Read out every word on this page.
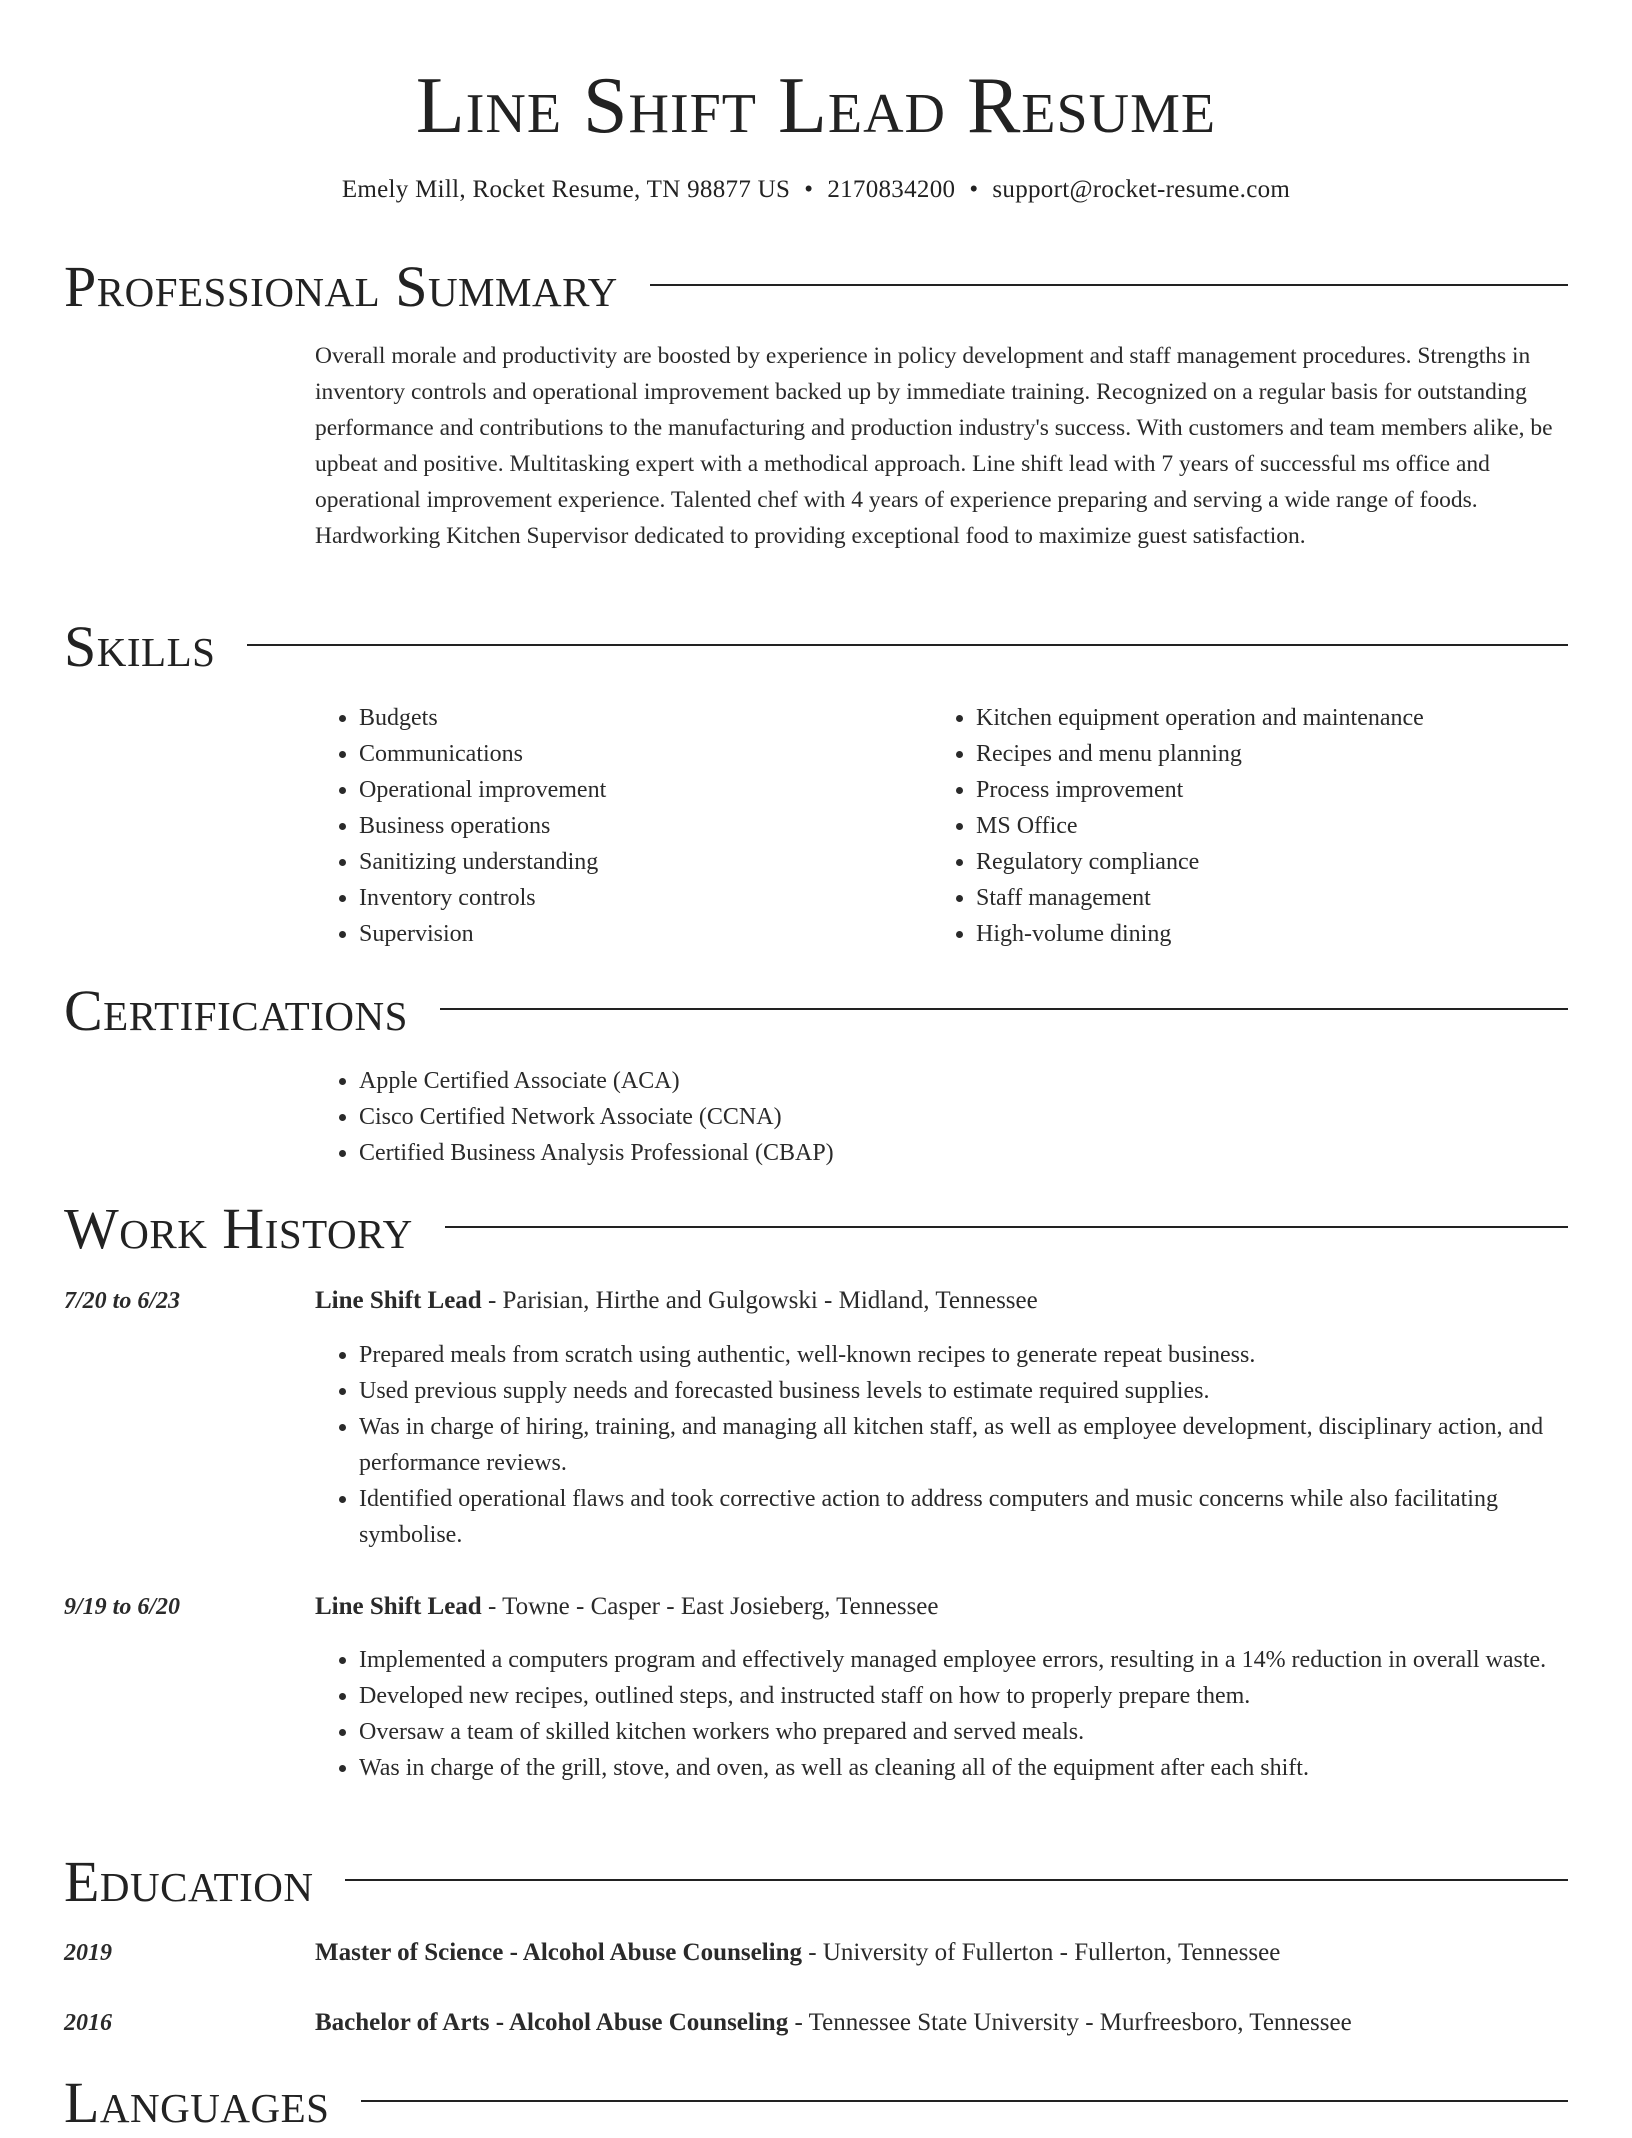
Line Shift Lead Resume
Emely Mill, Rocket Resume, TN 98877 US • 2170834200 • support@rocket-resume.com
Professional Summary

Overall morale and productivity are boosted by experience in policy development and staff management procedures. Strengths in inventory controls and operational improvement backed up by immediate training. Recognized on a regular basis for outstanding performance and contributions to the manufacturing and production industry's success. With customers and team members alike, be upbeat and positive. Multitasking expert with a methodical approach. Line shift lead with 7 years of successful ms office and operational improvement experience. Talented chef with 4 years of experience preparing and serving a wide range of foods. Hardworking Kitchen Supervisor dedicated to providing exceptional food to maximize guest satisfaction.

Skills
• Budgets
• Communications
• Operational improvement
• Business operations
• Sanitizing understanding
• Inventory controls
• Supervision
• Kitchen equipment operation and maintenance
• Recipes and menu planning
• Process improvement
• MS Office
• Regulatory compliance
• Staff management
• High-volume dining
Certifications
• Apple Certified Associate (ACA)
• Cisco Certified Network Associate (CCNA)
• Certified Business Analysis Professional (CBAP)
Work History
7/20 to 6/23	Line Shift Lead - Parisian, Hirthe and Gulgowski - Midland, Tennessee
• Prepared meals from scratch using authentic, well-known recipes to generate repeat business.
• Used previous supply needs and forecasted business levels to estimate required supplies.
• Was in charge of hiring, training, and managing all kitchen staff, as well as employee development, disciplinary action, and performance reviews.
• Identified operational flaws and took corrective action to address computers and music concerns while also facilitating symbolise.
9/19 to 6/20	Line Shift Lead - Towne - Casper - East Josieberg, Tennessee
• Implemented a computers program and effectively managed employee errors, resulting in a 14% reduction in overall waste.
• Developed new recipes, outlined steps, and instructed staff on how to properly prepare them.
• Oversaw a team of skilled kitchen workers who prepared and served meals.
• Was in charge of the grill, stove, and oven, as well as cleaning all of the equipment after each shift.
Education
2019	Master of Science - Alcohol Abuse Counseling - University of Fullerton - Fullerton, Tennessee
2016	Bachelor of Arts - Alcohol Abuse Counseling - Tennessee State University - Murfreesboro, Tennessee
Languages
